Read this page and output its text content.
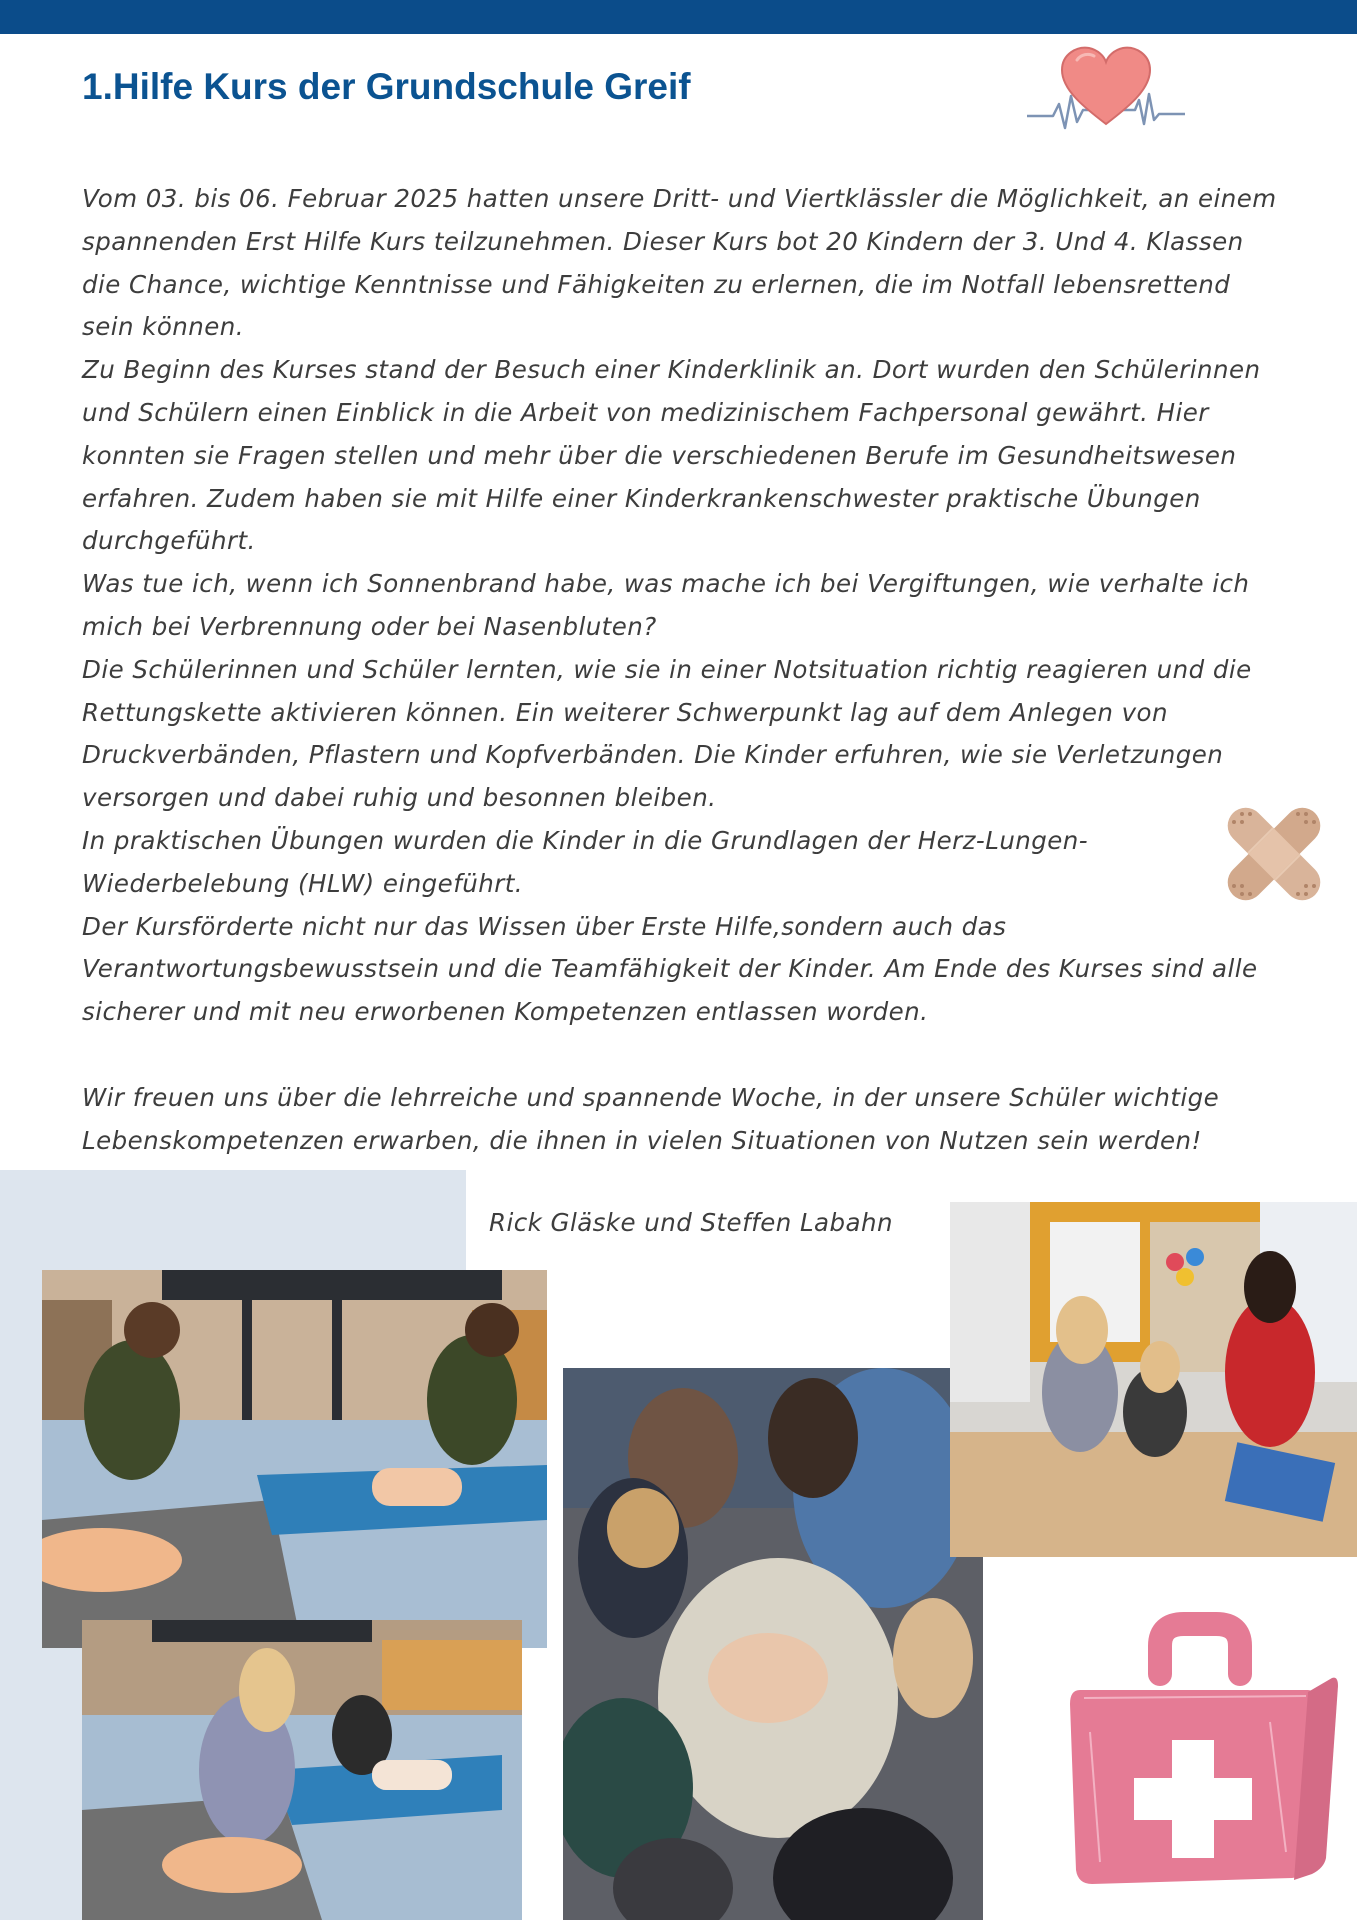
1.Hilfe Kurs der Grundschule Greif

Vom 03. bis 06. Februar 2025 hatten unsere Dritt- und Viertklässler die Möglichkeit, an einem spannenden Erst Hilfe Kurs teilzunehmen. Dieser Kurs bot 20 Kindern der 3. Und 4. Klassen die Chance, wichtige Kenntnisse und Fähigkeiten zu erlernen, die im Notfall lebensrettend sein können.

Zu Beginn des Kurses stand der Besuch einer Kinderklinik an. Dort wurden den Schülerinnen und Schülern einen Einblick in die Arbeit von medizinischem Fachpersonal gewährt. Hier konnten sie Fragen stellen und mehr über die verschiedenen Berufe im Gesundheitswesen erfahren. Zudem haben sie mit Hilfe einer Kinderkrankenschwester praktische Übungen durchgeführt.

Was tue ich, wenn ich Sonnenbrand habe, was mache ich bei Vergiftungen, wie verhalte ich mich bei Verbrennung oder bei Nasenbluten?

Die Schülerinnen und Schüler lernten, wie sie in einer Notsituation richtig reagieren und die Rettungskette aktivieren können. Ein weiterer Schwerpunkt lag auf dem Anlegen von Druckverbänden, Pflastern und Kopfverbänden. Die Kinder erfuhren, wie sie Verletzungen versorgen und dabei ruhig und besonnen bleiben.

In praktischen Übungen wurden die Kinder in die Grundlagen der Herz-Lungen-Wiederbelebung (HLW) eingeführt.

Der Kursförderte nicht nur das Wissen über Erste Hilfe,sondern auch das Verantwortungsbewusstsein und die Teamfähigkeit der Kinder. Am Ende des Kurses sind alle sicherer und mit neu erworbenen Kompetenzen entlassen worden.

Wir freuen uns über die lehrreiche und spannende Woche, in der unsere Schüler wichtige Lebenskompetenzen erwarben, die ihnen in vielen Situationen von Nutzen sein werden!

Rick Gläske und Steffen Labahn
